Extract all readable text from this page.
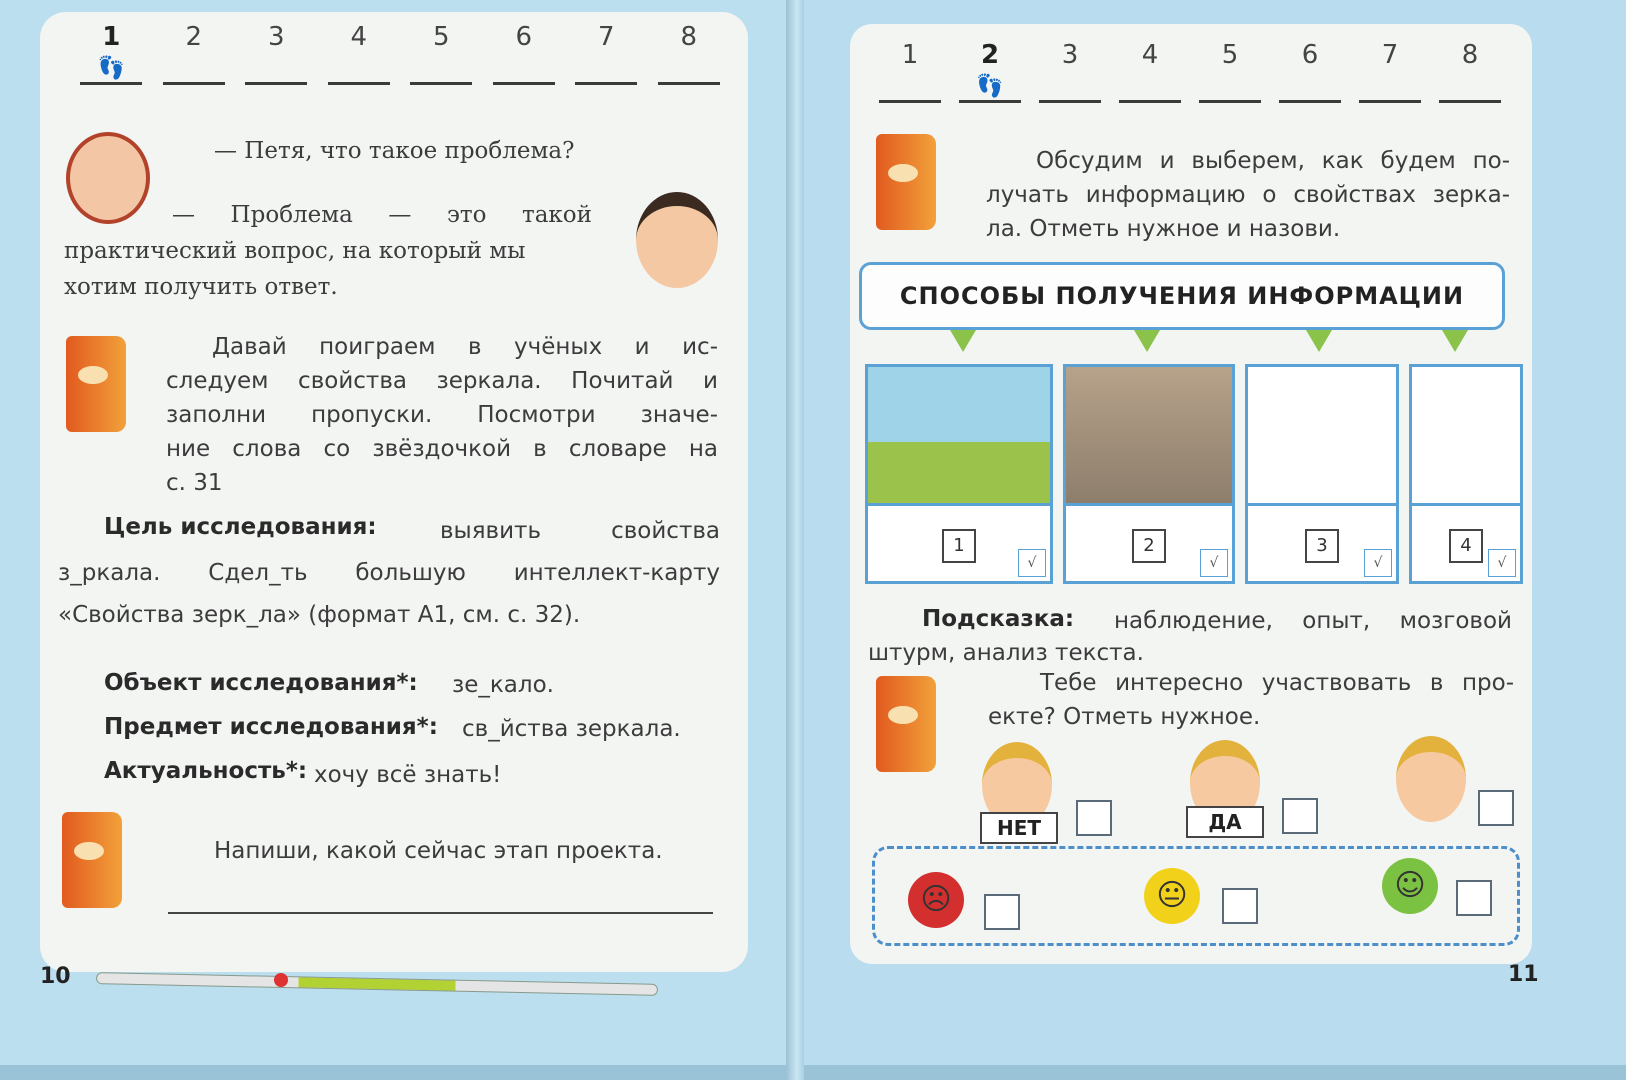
1
👣
2	3	4	5	6	7	8
— Петя, что такое проблема?
— Проблема — это такой
практический вопрос, на который мы
хотим получить ответ.
Давай поиграем в учёных и ис-
следуем свойства зеркала. Почитай и
заполни пропуски. Посмотри значе-
ние слова со звёздочкой в словаре на
с. 31
Цель исследования:	выявить свойства
з_ркала. Сдел_ть большую интеллект-карту
«Свойства зерк_ла» (формат А1, см. с. 32).
Объект исследования*: зе_кало.
Предмет исследования*: св_йства зеркала.
Актуальность*: хочу всё знать!
Напиши, какой сейчас этап проекта.
10
1	2
👣
3	4	5	6	7	8
Обсудим и выберем, как будем по-
лучать информацию о свойствах зерка-
ла. Отметь нужное и назови.
СПОСОБЫ ПОЛУЧЕНИЯ ИНФОРМАЦИИ
1
√
2
√
3
√
4
√
Подсказка: наблюдение, опыт, мозговой
штурм, анализ текста.
Тебе интересно участвовать в про-
екте? Отметь нужное.
НЕТ	ДА
☹	😐	☺
11
